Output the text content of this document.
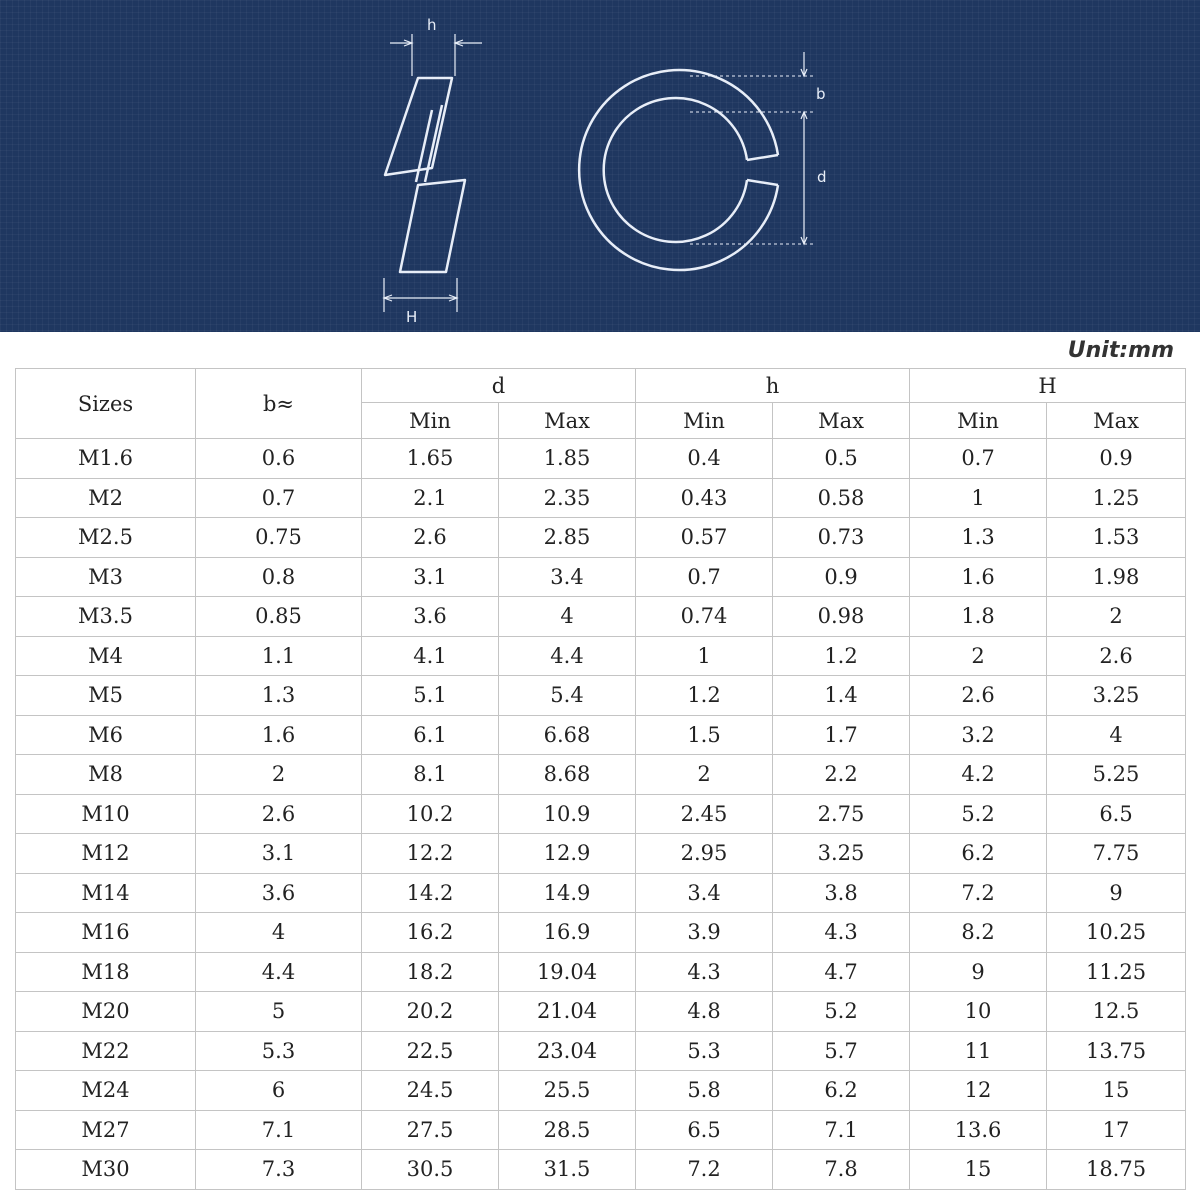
h
H
b
d
Unit:mm
Sizes	b≈	d		h		H	
		Min	Max	Min	Max	Min	Max
M1.6	0.6	1.65	1.85	0.4	0.5	0.7	0.9
M2	0.7	2.1	2.35	0.43	0.58	1	1.25
M2.5	0.75	2.6	2.85	0.57	0.73	1.3	1.53
M3	0.8	3.1	3.4	0.7	0.9	1.6	1.98
M3.5	0.85	3.6	4	0.74	0.98	1.8	2
M4	1.1	4.1	4.4	1	1.2	2	2.6
M5	1.3	5.1	5.4	1.2	1.4	2.6	3.25
M6	1.6	6.1	6.68	1.5	1.7	3.2	4
M8	2	8.1	8.68	2	2.2	4.2	5.25
M10	2.6	10.2	10.9	2.45	2.75	5.2	6.5
M12	3.1	12.2	12.9	2.95	3.25	6.2	7.75
M14	3.6	14.2	14.9	3.4	3.8	7.2	9
M16	4	16.2	16.9	3.9	4.3	8.2	10.25
M18	4.4	18.2	19.04	4.3	4.7	9	11.25
M20	5	20.2	21.04	4.8	5.2	10	12.5
M22	5.3	22.5	23.04	5.3	5.7	11	13.75
M24	6	24.5	25.5	5.8	6.2	12	15
M27	7.1	27.5	28.5	6.5	7.1	13.6	17
M30	7.3	30.5	31.5	7.2	7.8	15	18.75
